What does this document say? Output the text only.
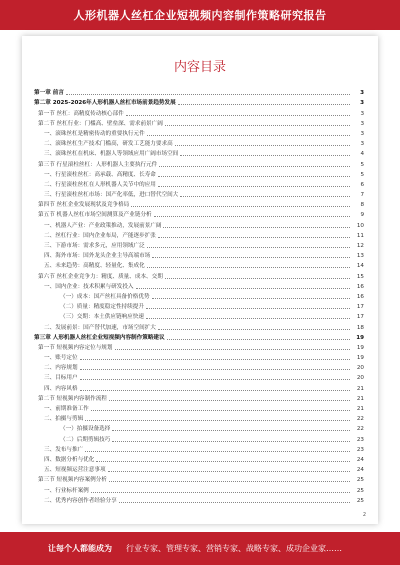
人形机器人丝杠企业短视频内容制作策略研究报告
内容目录
第一章 前言	3
第二章 2025-2026年人形机器人丝杠市场前景趋势发展	3
第一节 丝杠：高精度传动核心部件	3
第二节 丝杠行业：门槛高、壁垒深、需求前景广阔	3
一、滚珠丝杠是精密传动的重要执行元件	3
二、滚珠丝杠生产技术门槛高，研发工艺能力要求高	3
三、滚珠丝杠在机床、机器人等领域应用广阔市场空间	4
第三节 行星滚柱丝杠：人形机器人主要执行元件	5
一、行星滚柱丝杠：高承载、高精度、长寿命	5
二、行星滚柱丝杠在人形机器人关节中的应用	6
三、行星滚柱丝杠市场：国产化率低，进口替代空间大	7
第四节 丝杠企业发展现状及竞争格局	8
第五节 机器人丝杠市场空间测算及产业链分析	9
一、机器人产业：产业政策推动，发展前景广阔	10
二、丝杠行业：国内企业布局，产能逐步扩张	11
三、下游市场：需求多元，应用领域广泛	12
四、海外市场：国外龙头企业主导高端市场	13
五、未来趋势：高精度、轻量化、集成化	14
第六节 丝杠企业竞争力：精度、质量、成本、交期	15
一、国内企业：技术积累与研发投入	16
（一）成本：国产丝杠具备价格优势	16
（二）质量：精度稳定性持续提升	17
（三）交期：本土供应链响应快速	17
二、发展前景：国产替代加速，市场空间扩大	18
第三章 人形机器人丝杠企业短视频内容制作策略建议	19
第一节 短视频内容定位与规划	19
一、账号定位	19
二、内容规划	20
三、目标用户	20
四、内容风格	21
第二节 短视频内容制作流程	21
一、前期准备工作	21
二、拍摄与剪辑	22
（一）拍摄设备选择	22
（二）后期剪辑技巧	23
三、发布与推广	23
四、数据分析与优化	24
五、短视频运营注意事项	24
第三节 短视频内容案例分析	25
一、行业标杆案例	25
二、优秀内容创作者经验分享	25
2
让每个人都能成为 行业专家、管理专家、营销专家、战略专家、成功企业家……
